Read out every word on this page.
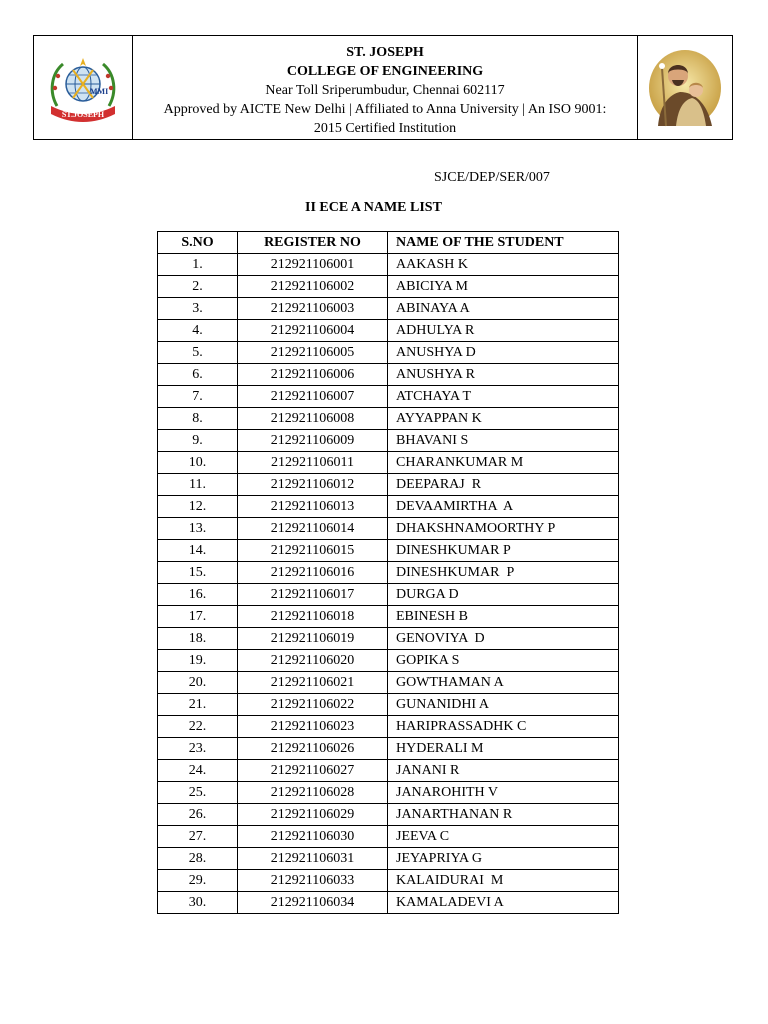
MMI
ST.JOSEPH
ST. JOSEPH
COLLEGE OF ENGINEERING
Near Toll Sriperumbudur, Chennai 602117
Approved by AICTE New Delhi | Affiliated to Anna University | An ISO 9001:
2015 Certified Institution
SJCE/DEP/SER/007
II ECE A NAME LIST
S.NO	REGISTER NO	NAME OF THE STUDENT
1.	212921106001	AAKASH K
2.	212921106002	ABICIYA M
3.	212921106003	ABINAYA A
4.	212921106004	ADHULYA R
5.	212921106005	ANUSHYA D
6.	212921106006	ANUSHYA R
7.	212921106007	ATCHAYA T
8.	212921106008	AYYAPPAN K
9.	212921106009	BHAVANI S
10.	212921106011	CHARANKUMAR M
11.	212921106012	DEEPARAJ  R
12.	212921106013	DEVAAMIRTHA  A
13.	212921106014	DHAKSHNAMOORTHY P
14.	212921106015	DINESHKUMAR P
15.	212921106016	DINESHKUMAR  P
16.	212921106017	DURGA D
17.	212921106018	EBINESH B
18.	212921106019	GENOVIYA  D
19.	212921106020	GOPIKA S
20.	212921106021	GOWTHAMAN A
21.	212921106022	GUNANIDHI A
22.	212921106023	HARIPRASSADHK C
23.	212921106026	HYDERALI M
24.	212921106027	JANANI R
25.	212921106028	JANAROHITH V
26.	212921106029	JANARTHANAN R
27.	212921106030	JEEVA C
28.	212921106031	JEYAPRIYA G
29.	212921106033	KALAIDURAI  M
30.	212921106034	KAMALADEVI A
